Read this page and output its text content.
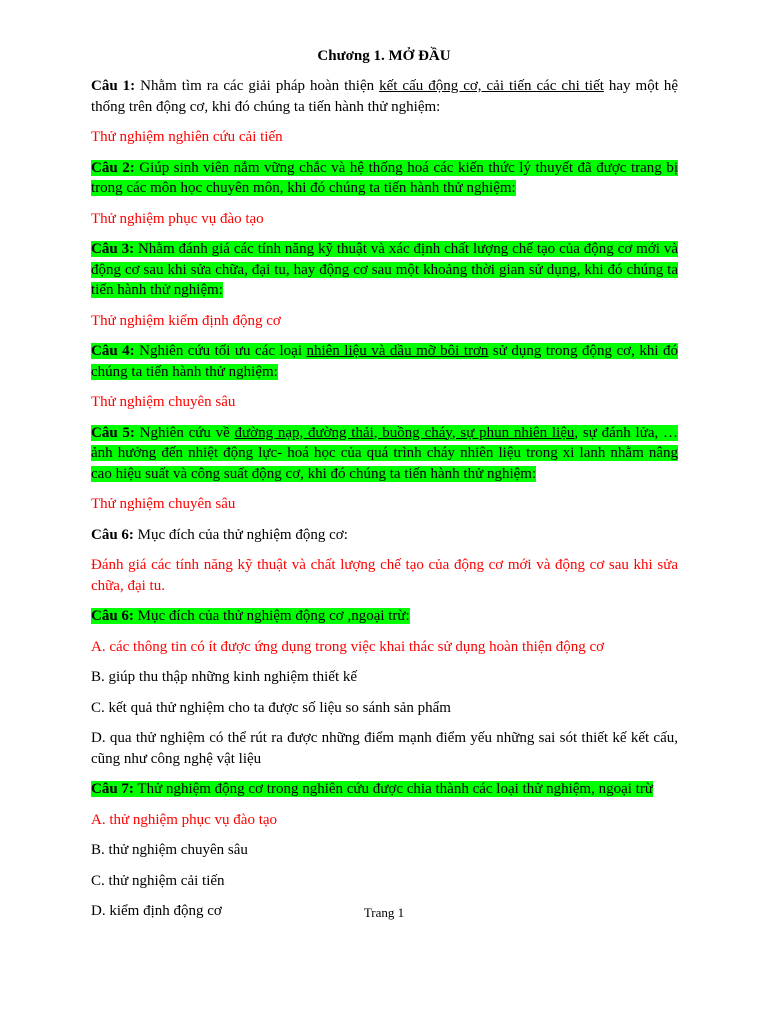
Chương 1. MỞ ĐẦU

Câu 1: Nhằm tìm ra các giải pháp hoàn thiện kết cấu động cơ, cải tiến các chi tiết hay một hệ thống trên động cơ, khi đó chúng ta tiến hành thử nghiệm:

Thử nghiệm nghiên cứu cải tiến

Câu 2: Giúp sinh viên nắm vững chắc và hệ thống hoá các kiến thức lý thuyết đã được trang bị trong các môn học chuyên môn, khi đó chúng ta tiến hành thử nghiệm:

Thử nghiệm phục vụ đào tạo

Câu 3: Nhằm đánh giá các tính năng kỹ thuật và xác định chất lượng chế tạo của động cơ mới và động cơ sau khi sửa chữa, đại tu, hay động cơ sau một khoảng thời gian sử dụng, khi đó chúng ta tiến hành thử nghiệm:

Thử nghiệm kiểm định động cơ

Câu 4: Nghiên cứu tối ưu các loại nhiên liệu và dầu mỡ bôi trơn sử dụng trong động cơ, khi đó chúng ta tiến hành thử nghiệm:

Thử nghiệm chuyên sâu

Câu 5: Nghiên cứu về đường nạp, đường thải, buồng cháy, sự phun nhiên liệu, sự đánh lửa, … ảnh hưởng đến nhiệt động lực- hoá học của quá trình cháy nhiên liệu trong xi lanh nhằm nâng cao hiệu suất và công suất động cơ, khi đó chúng ta tiến hành thử nghiệm:

Thử nghiệm chuyên sâu

Câu 6: Mục đích của thử nghiệm động cơ:

Đánh giá các tính năng kỹ thuật và chất lượng chế tạo của động cơ mới và động cơ sau khi sửa chữa, đại tu.

Câu 6: Mục đích của thử nghiệm động cơ ,ngoại trừ:

A. các thông tin có ít được ứng dụng trong việc khai thác sử dụng hoàn thiện động cơ

B. giúp thu thập những kinh nghiệm thiết kế

C. kết quả thử nghiệm cho ta được số liệu so sánh sản phẩm

D. qua thử nghiệm có thể rút ra được những điểm mạnh điểm yếu những sai sót thiết kế kết cấu, cũng như công nghệ vật liệu

Câu 7: Thử nghiệm động cơ trong nghiên cứu được chia thành các loại thử nghiệm, ngoại trừ

A. thử nghiệm phục vụ đào tạo

B. thử nghiệm chuyên sâu

C. thử nghiệm cải tiến

D. kiểm định động cơ	Trang 1
